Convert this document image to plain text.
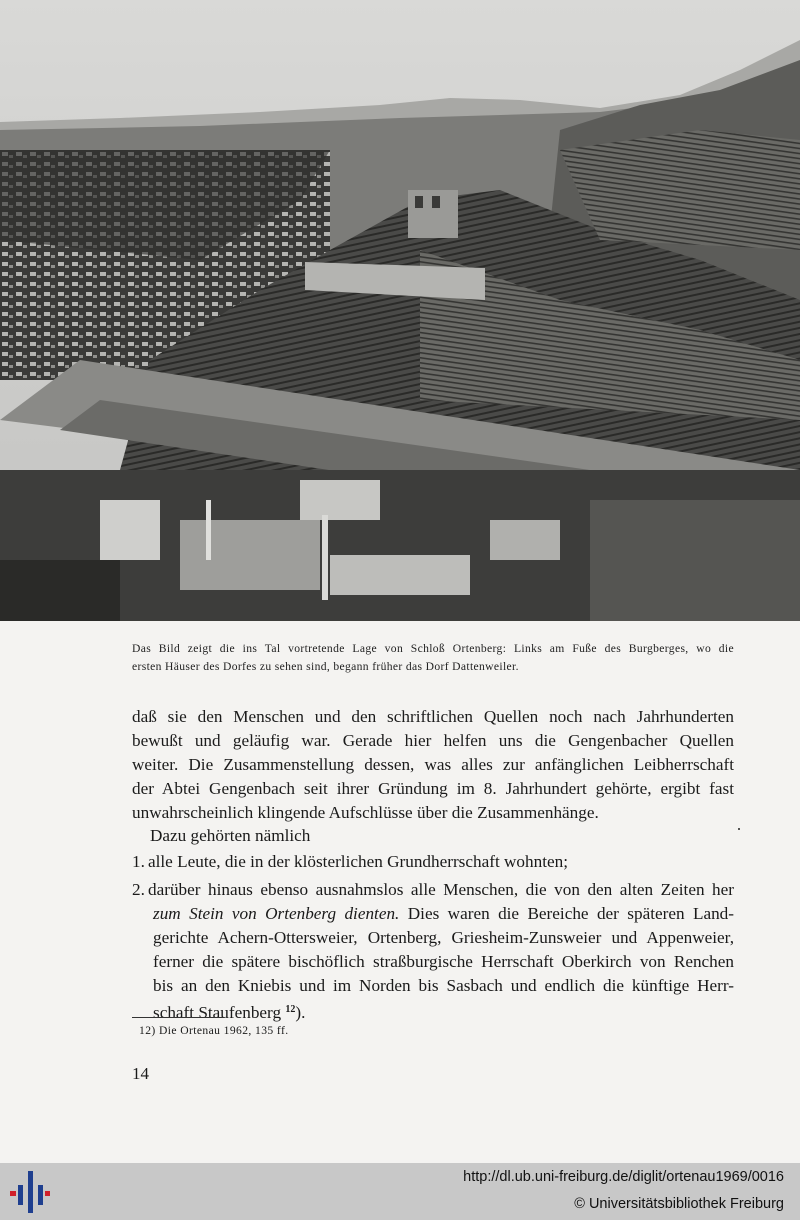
Das Bild zeigt die ins Tal vortretende Lage von Schloß Ortenberg: Links am Fuße des Burgberges, wo die
ersten Häuser des Dorfes zu sehen sind, begann früher das Dorf Dattenweiler.

daß sie den Menschen und den schriftlichen Quellen noch nach Jahrhunderten
bewußt und geläufig war. Gerade hier helfen uns die Gengenbacher Quellen
weiter. Die Zusammenstellung dessen, was alles zur anfänglichen Leibherrschaft
der Abtei Gengenbach seit ihrer Gründung im 8. Jahrhundert gehörte, ergibt fast
unwahrscheinlich klingende Aufschlüsse über die Zusammenhänge.

Dazu gehörten nämlich
1. alle Leute, die in der klösterlichen Grundherrschaft wohnten;
2. darüber hinaus ebenso ausnahmslos alle Menschen, die von den alten Zeiten her
zum Stein von Ortenberg dienten. Dies waren die Bereiche der späteren Land-
gerichte Achern-Ottersweier, Ortenberg, Griesheim-Zunsweier und Appenweier,
ferner die spätere bischöflich straßburgische Herrschaft Oberkirch von Renchen
bis an den Kniebis und im Norden bis Sasbach und endlich die künftige Herr-
schaft Staufenberg $^{12}$).
12) Die Ortenau 1962, 135 ff.
14
http://dl.ub.uni-freiburg.de/diglit/ortenau1969/0016
© Universitätsbibliothek Freiburg
